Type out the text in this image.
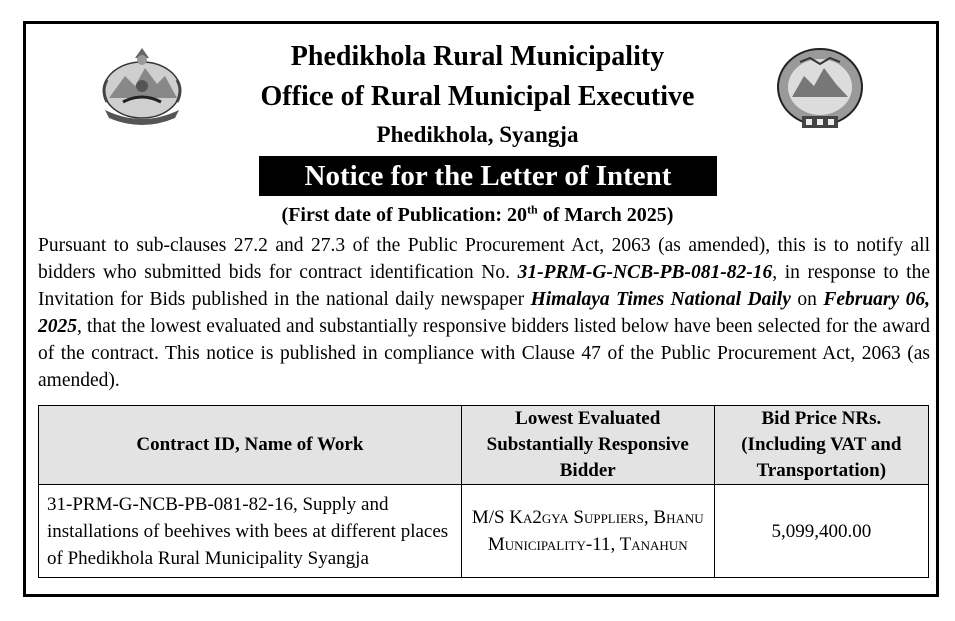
Phedikhola Rural Municipality
Office of Rural Municipal Executive
Phedikhola, Syangja
Notice for the Letter of Intent
(First date of Publication: 20th of March 2025)
Pursuant to sub-clauses 27.2 and 27.3 of the Public Procurement Act, 2063 (as amended), this is to notify all bidders who submitted bids for contract identification No. 31-PRM-G-NCB-PB-081-82-16, in response to the Invitation for Bids published in the national daily newspaper Himalaya Times National Daily on February 06, 2025, that the lowest evaluated and substantially responsive bidders listed below have been selected for the award of the contract. This notice is published in compliance with Clause 47 of the Public Procurement Act, 2063 (as amended).
Contract ID, Name of Work	Lowest Evaluated Substantially Responsive Bidder	Bid Price NRs. (Including VAT and Transportation)
31-PRM-G-NCB-PB-081-82-16, Supply and installations of beehives with bees at different places of Phedikhola Rural Municipality Syangja	M/S Ka2gya Suppliers, Bhanu Municipality-11, Tanahun	5,099,400.00
